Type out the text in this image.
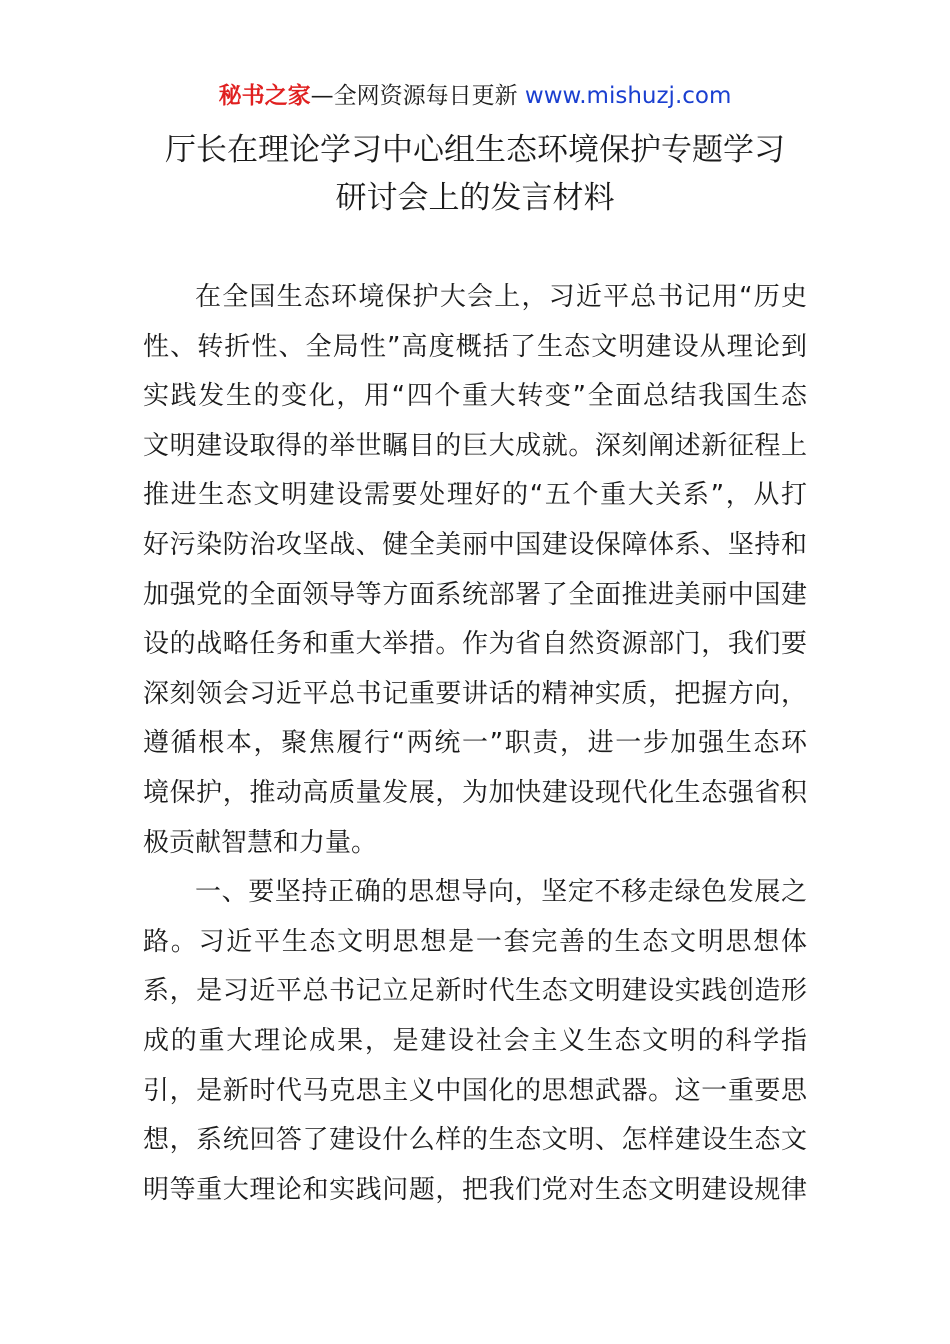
秘书之家—全网资源每日更新 www.mishuzj.com
厅长在理论学习中心组生态环境保护专题学习
研讨会上的发言材料
在全国生态环境保护大会上，习近平总书记用“历史
性、转折性、全局性”高度概括了生态文明建设从理论到
实践发生的变化，用“四个重大转变”全面总结我国生态
文明建设取得的举世瞩目的巨大成就。深刻阐述新征程上
推进生态文明建设需要处理好的“五个重大关系”，从打
好污染防治攻坚战、健全美丽中国建设保障体系、坚持和
加强党的全面领导等方面系统部署了全面推进美丽中国建
设的战略任务和重大举措。作为省自然资源部门，我们要
深刻领会习近平总书记重要讲话的精神实质，把握方向，
遵循根本，聚焦履行“两统一”职责，进一步加强生态环
境保护，推动高质量发展，为加快建设现代化生态强省积
极贡献智慧和力量。
一、要坚持正确的思想导向，坚定不移走绿色发展之
路。习近平生态文明思想是一套完善的生态文明思想体
系，是习近平总书记立足新时代生态文明建设实践创造形
成的重大理论成果，是建设社会主义生态文明的科学指
引，是新时代马克思主义中国化的思想武器。这一重要思
想，系统回答了建设什么样的生态文明、怎样建设生态文
明等重大理论和实践问题，把我们党对生态文明建设规律
